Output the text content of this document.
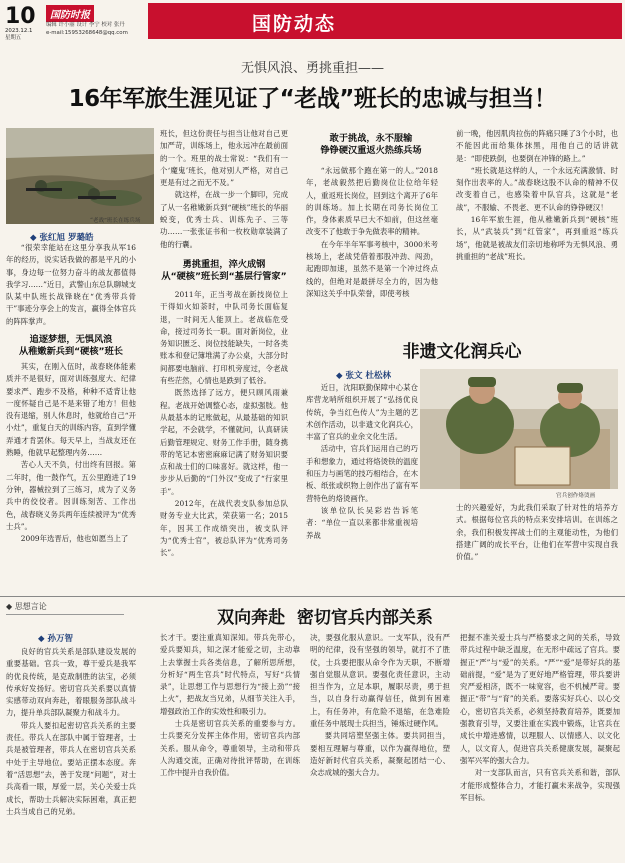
10
2023.12.1
星期五
国防时报
编辑 许小丽 设计 李宁 校对 张丹
e-mail:15953268648@qq.com	国防动态
无惧风浪、勇挑重担——
16年军旅生涯见证了“老战”班长的忠诚与担当！
“老战”班长在练兵场
◆ 张红旭 罗璐皓

“很荣幸能站在这里分享我从军16年的经历，说实话我做的都是平凡的小事，身边每一位努力奋斗的战友都值得我学习……”近日，武警山东总队聊城支队某中队班长战锋晓在“优秀带兵骨干”事迹分享会上的发言，赢得全体官兵的阵阵掌声。

追逐梦想，无惧风浪
从稚嫩新兵到“硬核”班长

其实，在刚入伍时，战春晓体能素质并不是很好，面对训练强度大、纪律要求严、跑步不及格，种种不适背让他一度怀疑自己是不是来错了地方！但他没有退缩，别人休息时，他就给自己“开小灶”，重复白天的训练内容，直到学懂弄通才肯罢休。每天早上，当战友还在熟睡，他就早起整理内务……

苦心人天不负，付出终有回报。第二年时，他一鼓作气，五公里跑进了19分钟，器械拉到了三练习，成为了义务兵中的佼佼者。因训练刻苦、工作出色，战春晓义务兵两年连续被评为“优秀士兵”。

2009年选晋后，他也如愿当上了

班长，但这份责任与担当让他对自己更加严苛，训练场上，他永远冲在最前面的一个。班里的战士常说：“我们有一个‘魔鬼’班长，他对别人严格，对自己更是有过之而无不及。”

就这样，在战一步一个脚印，完成了从一名稚嫩新兵到“硬核”班长的华丽蜕变，优秀士兵、训练先子、三等功……一张张证书和一枚枚勋章装满了他的行囊。

勇挑重担，淬火成钢
从“硬核”班长到“基层行管家”

2011年，正当考战在新技岗位上干得如火如荼时，中队司务长面临复退，一时间无人能顶上。老战临危受命，接过司务长一职。面对新岗位，业务知识匮乏、岗位技能缺失，一时各类账本和登记簿堆满了办公桌，大部分时间都要电脑前、打印机旁度过，令老战有些茫然，心情也是跌到了低谷。

既然选择了远方，便只顾风雨兼程。老战开始调整心态，虚拟强肢。他从最基本的记账做起，从最基础的知识学起，不会就学，不懂就问，认真研读后勤管理规定、财务工作手册，随身携带的笔记本密密麻麻记满了财务知识要点和战士们的口味喜好。就这样，他一步步从后勤的“门外汉”变成了“行家里手”。

2012年，在战代表支队参加总队财务专业大比武，荣获第一名；2015年，因其工作成绩突出，被支队评为“优秀士官”，被总队评为“优秀司务长”。

敢于挑战，永不服输
铮铮硬汉重返火热练兵场

“永远做那个跑在第一的人。”2018年，老战毅然把后勤岗位让位给年轻人，重返班长岗位，回到这个离开了6年的训练场。加上长期在司务长岗位工作，身体素质早已大不如前，但这丝毫改变不了他敢于争先做表率的精神。

在今年半年军事考核中，3000米考核场上，老战凭借着那股冲劲、闯劲，起跑即加速，虽然不是第一个冲过终点线的，但绝对是最拼尽全力的，因为他深知这关乎中队荣誉，即使考核

前一晚，他因肌肉拉伤的阵痛只睡了3个小时，也不能因此而给集体抹黑，用他自己的话讲就是：“即使跌倒，也要倒在冲锋的路上。”

“班长就是这样的人，一个永远充满激情、时刻作出表率的人。”战春晓这股不认命的精神不仅改变着自己，也感染着中队官兵，这就是“老战”，不服输、不畏老、更不认命的铮铮硬汉！

16年军旅生涯，他从稚嫩新兵到“硬核”班长，从“武装兵”到“红管家”，再到重返“练兵场”，他就是被战友们亲切地称呼为无惧风浪、勇挑重担的“老战”班长。

非遗文化润兵心
◆ 张文 杜松林

近日，沈阳联勤保障中心某仓库营龙哨所组织开展了“弘扬优良传统，争当红色传人”为主题的艺术创作活动，以非遗文化润兵心，丰富了官兵的业余文化生活。

活动中，官兵们运用自己的巧手和想象力，通过将烙烫铁的温度和压力与画笔的技巧相结合，在木板、纸张或织物上创作出了富有军营特色的烙烫画作。

该单位队长吴彩岩告诉笔者：“单位一直以来都非常重视培养战

官兵创作烙烫画

士的兴趣爱好，为此我们采取了针对性的培养方式。根据每位官兵的特点来安排培训。在训练之余，我们积极发挥战士们的主观能动性，为他们搭建广阔的成长平台，让他们在军营中实现自我价值。”

◆ 思想言论
双向奔赴  密切官兵内部关系
◆ 孙万智

良好的官兵关系是部队建设发展的重要基础。官兵一致，尊干爱兵是我军的优良传统，是克敌制胜的法宝，必须传承好发扬好。密切官兵关系要以真情实感带动双向奔赴，着眼服务部队战斗力，提升单兵部队凝聚力和战斗力。

带兵人要扣起密切官兵关系的主要责任。带兵人在部队中属于管理者，士兵是被管理者，带兵人在密切官兵关系中处于主导地位。要站正摆本态度。奔着“活思想”去，善于发现“问题”，对士兵高看一眼，厚爱一层，关心关爱士兵成长，帮助士兵解决实际困难，真正把士兵当成自己的兄弟。

长才干。要注重真知深知。带兵先带心，爱兵要知兵，知之深才能爱之切，主动靠上去掌握士兵各类信息，了解所思所想，分析好“两生官兵”时代特点，写好“兵情录”，让思想工作与思想行为“接上劲”“接上火”，把战友当兄弟，从细节关注入手，增强政治工作的实效性和吸引力。

士兵是密切官兵关系的重要参与方。士兵要充分发挥主体作用，密切官兵内部关系。服从命令，尊重领导，主动和带兵人沟通交流，正确对待批评帮助，在训练工作中提升自我价值。

决，要强化服从意识。一支军队，没有严明的纪律，没有坚强的领导，就打不了胜仗，士兵要把服从命令作为天职，不断增强自觉服从意识。要强化责任意识，主动担当作为，立足本职，履职尽责，勇于担当，以自身行动赢得信任，做到有困难上，有任务冲，有危险不退缩，在急难险重任务中展现士兵担当，锤炼过硬作风。

要共同培塑坚强主体。要共同担当，要相互理解与尊重，以作为赢得地位，塑造好新时代官兵关系，凝聚起团结一心、众志成城的强大合力。

把握不准关爱士兵与严格要求之间的关系，导致带兵过程中缺乏温度，在无形中疏远了官兵。要握正“严”与“爱”的关系。“严”“爱”是带好兵的基础前提，“爱”是为了更好地严格管理，带兵要讲究严爱相济，既不一味宽容，也不机械严苛。要握正“带”与“育”的关系。要落实好兵心、以心交心，密切官兵关系，必须坚持教育培养，既要加强教育引导，又要注重在实践中锻炼，让官兵在成长中增进感情，以理服人、以情感人、以文化人，以文育人，促进官兵关系健康发展，凝聚起强军兴军的强大合力。

对一支部队而言，只有官兵关系和谐，部队才能形成整体合力，才能打赢未来战争，实现强军目标。
